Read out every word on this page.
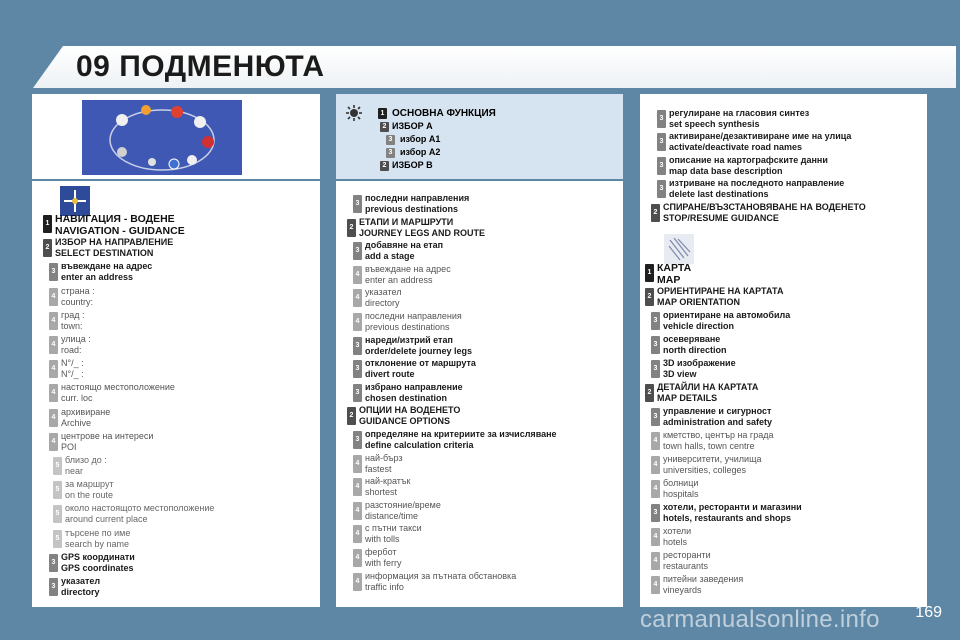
09 ПОДМЕНЮТА
1 ОСНОВНА ФУНКЦИЯ
2 ИЗБОР А
3 избор А1
3 избор А2
2 ИЗБОР B
1 НАВИГАЦИЯ - ВОДЕНЕ
NAVIGATION - GUIDANCE
2
ИЗБОР НА НАПРАВЛЕНИЕ
SELECT DESTINATION
3
въвеждане на адрес
enter an address
4
страна :
country:
4
град :
town:
4
улица :
road:
4
N°/_ :
N°/_ :
4
настоящо местоположение
curr. loc
4
архивиране
Archive
4
центрове на интереси
POI
5
близо до :
near
5
за маршрут
on the route
5
около настоящото местоположение
around current place
5
търсене по име
search by name
3
GPS координати
GPS coordinates
3
указател
directory
3
последни направления
previous destinations
2
ЕТАПИ И МАРШРУТИ
JOURNEY LEGS AND ROUTE
3
добавяне на етап
add a stage
4
въвеждане на адрес
enter an address
4
указател
directory
4
последни направления
previous destinations
3
нареди/изтрий етап
order/delete journey legs
3
отклонение от маршрута
divert route
3
избрано направление
chosen destination
2
ОПЦИИ НА ВОДЕНЕТО
GUIDANCE OPTIONS
3
определяне на критериите за изчисляване
define calculation criteria
4
най-бърз
fastest
4
най-кратък
shortest
4
разстояние/време
distance/time
4
с пътни такси
with tolls
4
фербот
with ferry
4
информация за пътната обстановка
traffic info
3
регулиране на гласовия синтез
set speech synthesis
3
активиране/дезактивиране име на улица
activate/deactivate road names
3
описание на картографските данни
map data base description
3
изтриване на последното направление
delete last destinations
2
СПИРАНЕ/ВЪЗСТАНОВЯВАНЕ НА ВОДЕНЕТО
STOP/RESUME GUIDANCE
1 КАРТА
MAP
2
ОРИЕНТИРАНЕ НА КАРТАТА
MAP ORIENTATION
3
ориентиране на автомобила
vehicle direction
3
осеверяване
north direction
3
3D изображение
3D view
2
ДЕТАЙЛИ НА КАРТАТА
MAP DETAILS
3
управление и сигурност
administration and safety
4
кметство, център на града
town halls, town centre
4
университети, училища
universities, colleges
4
болници
hospitals
3
хотели, ресторанти и магазини
hotels, restaurants and shops
4
хотели
hotels
4
ресторанти
restaurants
4
питейни заведения
vineyards
169
carmanualsonline.info
